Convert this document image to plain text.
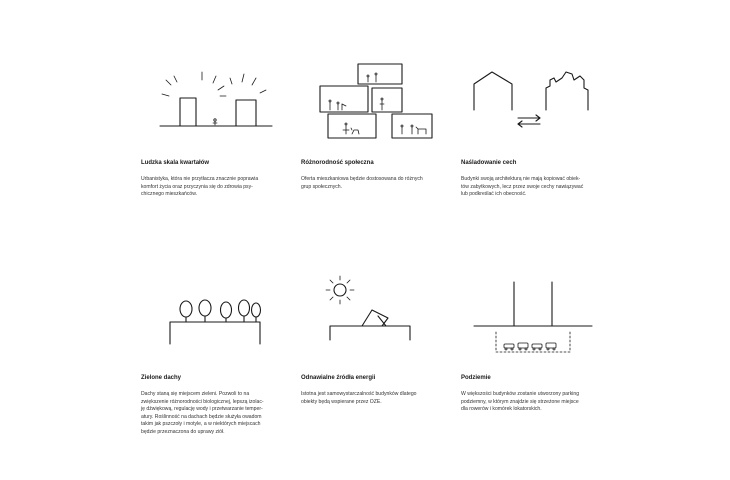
Ludzka skala kwartałów
Urbanistyka, która nie przytłacza znacznie poprawia
komfort życia oraz przyczynia się do zdrowia psy-
chicznego mieszkańców.
Różnorodność społeczna
Oferta mieszkaniowa będzie dostosowana do różnych
grup społecznych.
Naśladowanie cech
Budynki swoją architekturą nie mają kopiować obiek-
tów zabytkowych, lecz przez swoje cechy nawiązywać
lub podkreślać ich obecność.
Zielone dachy
Dachy staną się miejscem zieleni. Pozwoli to na
zwiększenie różnorodności biologicznej, lepszą izolac-
ję dźwiękową, regulację wody i przetwarzanie temper-
atury. Roślinność na dachach będzie służyła owadom
takim jak pszczoły i motyle, a w niektórych miejscach
będzie przeznaczona do uprawy ziół.
Odnawialne źródła energii
Istotna jest samowystarczalność budynków dlatego
obiekty będą wspierane przez OZE.
Podziemie
W większości budynków zostanie utworzony parking
podziemny, w którym znajdzie się strzeżone miejsce
dla rowerów i komórek lokatorskich.
